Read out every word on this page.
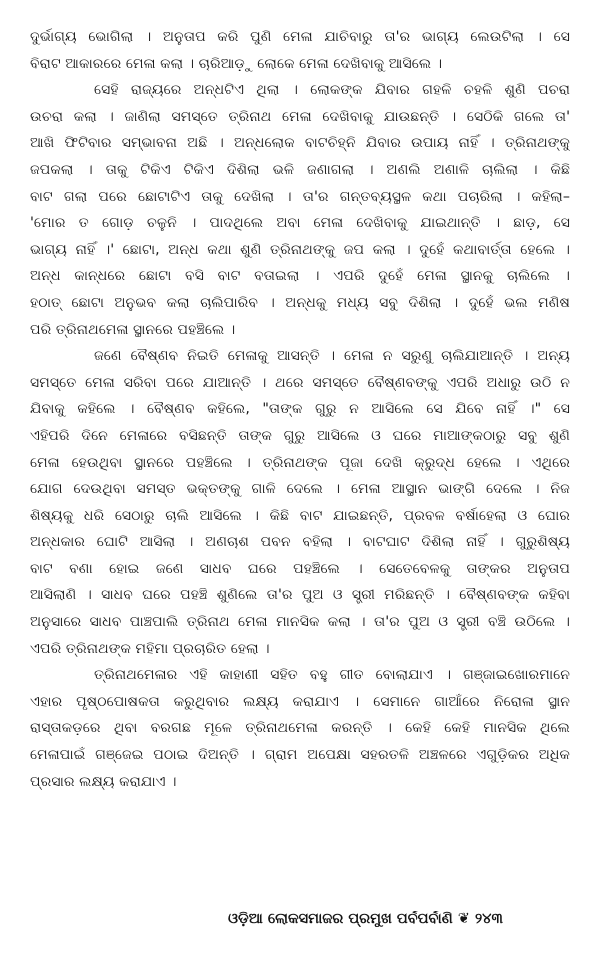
ଦୁର୍ଭାଗ୍ୟ ଭୋଗିଲା । ଅନୁତାପ କରି ପୁଣି ମେଳା ଯାଚିବାରୁ ତା'ର ଭାଗ୍ୟ ଲେଉଟିଲା । ସେ
ବିରାଟ ଆକାରରେ ମେଳା କଲା । ଚାରିଆଡ଼ୁ ଲୋକେ ମେଳା ଦେଖିବାକୁ ଆସିଲେ ।
ସେହି ରାଜ୍ୟରେ ଅନ୍ଧଟିଏ ଥିଲା । ଲୋକଙ୍କ ଯିବାର ଗହଳି ଚହଳି ଶୁଣି ପଚରା
ଉଚରା କଲା । ଜାଣିଲା ସମସ୍ତେ ତ୍ରିନାଥ ମେଳା ଦେଖିବାକୁ ଯାଉଛନ୍ତି । ସେଠିକି ଗଲେ ତା'
ଆଖି ଫିଟିବାର ସମ୍ଭାବନା ଅଛି । ଅନ୍ଧଲୋକ ବାଟଚିହ୍ନି ଯିବାର ଉପାୟ ନାହିଁ । ତ୍ରିନାଥଙ୍କୁ
ଜପକଲା । ତାକୁ ଟିକିଏ ଟିକିଏ ଦିଶିଲା ଭଳି ଜଣାଗଲା । ଅଣଲି ଅଣାଳି ଚାଲିଲା । କିଛି
ବାଟ ଗଲା ପରେ ଛୋଟାଟିଏ ତାକୁ ଦେଖିଲା । ତା'ର ଗନ୍ତବ୍ୟସ୍ଥଳ କଥା ପଚାରିଲା । କହିଲା–
'ମୋର ତ ଗୋଡ଼ ଚଳୁନି । ପାଦଥିଲେ ଅବା ମେଳା ଦେଖିବାକୁ ଯାଇଥାନ୍ତି । ଛାଡ଼, ସେ
ଭାଗ୍ୟ ନାହିଁ ।' ଛୋଟା, ଅନ୍ଧ କଥା ଶୁଣି ତ୍ରିନାଥଙ୍କୁ ଜପ କଲା । ଦୁହେଁ କଥାବାର୍ତ୍ତା ହେଲେ ।
ଅନ୍ଧ କାନ୍ଧରେ ଛୋଟା ବସି ବାଟ ବତାଇଲା । ଏପରି ଦୁହେଁ ମେଳା ସ୍ଥାନକୁ ଚାଲିଲେ ।
ହଠାତ୍ ଛୋଟା ଅନୁଭବ କଲା ଚାଲିପାରିବ । ଅନ୍ଧକୁ ମଧ୍ୟ ସବୁ ଦିଶିଲା । ଦୁହେଁ ଭଲ ମଣିଷ
ପରି ତ୍ରିନାଥମେଳା ସ୍ଥାନରେ ପହଞ୍ଚିଲେ ।
ଜଣେ ବୈଷ୍ଣବ ନିଇତି ମେଳାକୁ ଆସନ୍ତି । ମେଳା ନ ସରୁଣୁ ଚାଲିଯାଆନ୍ତି । ଅନ୍ୟ
ସମସ୍ତେ ମେଳା ସରିବା ପରେ ଯାଆନ୍ତି । ଥରେ ସମସ୍ତେ ବୈଷ୍ଣବଙ୍କୁ ଏପରି ଅଧାରୁ ଉଠି ନ
ଯିବାକୁ କହିଲେ । ବୈଷ୍ଣବ କହିଲେ, "ତାଙ୍କ ଗୁରୁ ନ ଆସିଲେ ସେ ଯିବେ ନାହିଁ ।" ସେ
ଏହିପରି ଦିନେ ମେଳାରେ ବସିଛନ୍ତି ତାଙ୍କ ଗୁରୁ ଆସିଲେ ଓ ଘରେ ମାଆଙ୍କଠାରୁ ସବୁ ଶୁଣି
ମେଳା ହେଉଥିବା ସ୍ଥାନରେ ପହଞ୍ଚିଲେ । ତ୍ରିନାଥଙ୍କ ପୂଜା ଦେଖି କ୍ରୁଦ୍ଧ ହେଲେ । ଏଥିରେ
ଯୋଗ ଦେଉଥିବା ସମସ୍ତ ଭକ୍ତଙ୍କୁ ଗାଳି ଦେଲେ । ମେଳା ଆସ୍ଥାନ ଭାଙ୍ଗି ଦେଲେ । ନିଜ
ଶିଷ୍ୟକୁ ଧରି ସେଠାରୁ ଚାଲି ଆସିଲେ । କିଛି ବାଟ ଯାଇଛନ୍ତି, ପ୍ରବଳ ବର୍ଷାହେଲା ଓ ଘୋର
ଅନ୍ଧକାର ଘୋଟି ଆସିଲା । ଅଣଚାଶ ପବନ ବହିଲା । ବାଟଘାଟ ଦିଶିଲା ନାହିଁ । ଗୁରୁଶିଷ୍ୟ
ବାଟ ବଣା ହୋଇ ଜଣେ ସାଧବ ଘରେ ପହଞ୍ଚିଲେ । ସେତେବେଳକୁ ତାଙ୍କର ଅନୁତାପ
ଆସିଲାଣି । ସାଧବ ଘରେ ପହଞ୍ଚି ଶୁଣିଲେ ତା'ର ପୁଅ ଓ ସ୍ତ୍ରୀ ମରିଛନ୍ତି । ବୈଷ୍ଣବଙ୍କ କହିବା
ଅନୁସାରେ ସାଧବ ପାଞ୍ଚପାଲି ତ୍ରିନାଥ ମେଳା ମାନସିକ କଲା । ତା'ର ପୁଅ ଓ ସ୍ତ୍ରୀ ବଞ୍ଚି ଉଠିଲେ ।
ଏପରି ତ୍ରିନାଥଙ୍କ ମହିମା ପ୍ରଚାରିତ ହେଲା ।
ତ୍ରିନାଥମେଳାର ଏହି କାହାଣୀ ସହିତ ବହୁ ଗୀତ ବୋଲାଯାଏ । ଗଞ୍ଜାଇଖୋରମାନେ
ଏହାର ପୃଷ୍ଠପୋଷକତା କରୁଥିବାର ଲକ୍ଷ୍ୟ କରାଯାଏ । ସେମାନେ ଗାଆଁରେ ନିରୋଳା ସ୍ଥାନ
ରାସ୍ତାକଡ଼ରେ ଥିବା ବରଗଛ ମୂଳେ ତ୍ରିନାଥମେଳା କରନ୍ତି । କେହି କେହି ମାନସିକ ଥିଲେ
ମେଳାପାଇଁ ଗଞ୍ଜେଇ ପଠାଇ ଦିଅନ୍ତି । ଗ୍ରାମ ଅପେକ୍ଷା ସହରତଳି ଅଞ୍ଚଳରେ ଏଗୁଡ଼ିକର ଅଧିକ
ପ୍ରସାର ଲକ୍ଷ୍ୟ କରାଯାଏ ।
ଓଡ଼ିଆ ଲୋକସମାଜର ପ୍ରମୁଖ ପର୍ବପର୍ବାଣି ❦ ୨୪୩
